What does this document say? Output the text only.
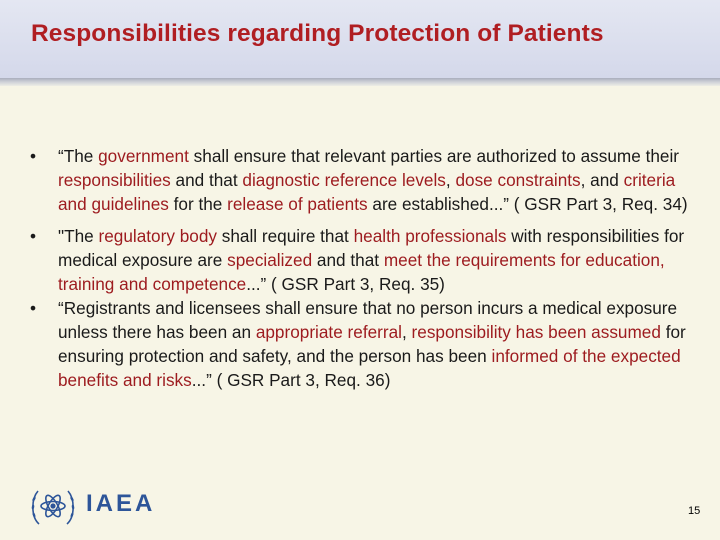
Responsibilities regarding Protection of Patients
• “The government shall ensure that relevant parties are authorized to assume their responsibilities and that diagnostic reference levels, dose constraints, and criteria and guidelines for the release of patients are established...” ( GSR Part 3, Req. 34)
• "The regulatory body shall require that health professionals with responsibilities for medical exposure are specialized and that meet the requirements for education, training and competence...” ( GSR Part 3, Req. 35)
• “Registrants and licensees shall ensure that no person incurs a medical exposure unless there has been an appropriate referral, responsibility has been assumed for ensuring protection and safety, and the person has been informed of the expected benefits and risks...” ( GSR Part 3, Req. 36)
IAEA	15
